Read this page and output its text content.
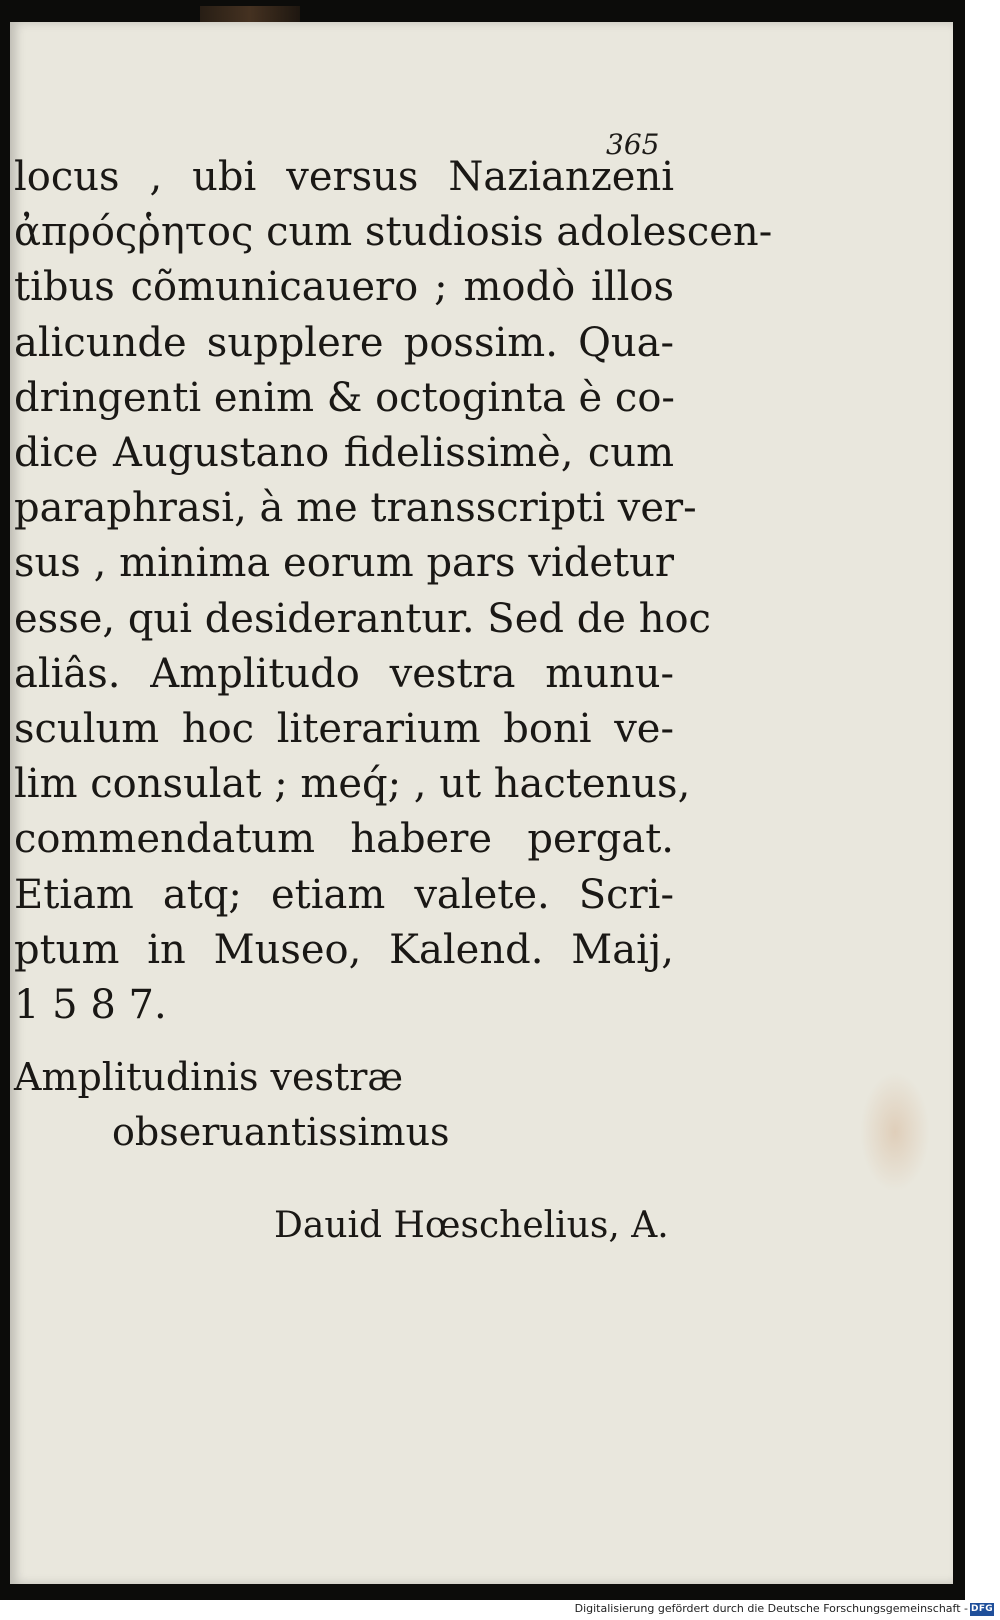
365

locus , ubi versus Nazianzeni
ἀπρόςῥητος cum studiosis adolescen-
tibus cõmunicauero ; modò illos
alicunde supplere possim. Qua-
dringenti enim & octoginta è co-
dice Augustano fidelissimè, cum
paraphrasi, à me transscripti ver-
sus , minima eorum pars videtur
esse, qui desiderantur. Sed de hoc
aliâs. Amplitudo vestra munu-
sculum hoc literarium boni ve-
lim consulat ; meq́; , ut hactenus,
commendatum habere pergat.
Etiam atq; etiam valete. Scri-
ptum in Museo, Kalend. Maij,
1 5 8 7.

Amplitudinis vestræ

obseruantissimus

Dauid Hœschelius, A.

Digitalisierung gefördert durch die Deutsche Forschungsgemeinschaft - DFG
